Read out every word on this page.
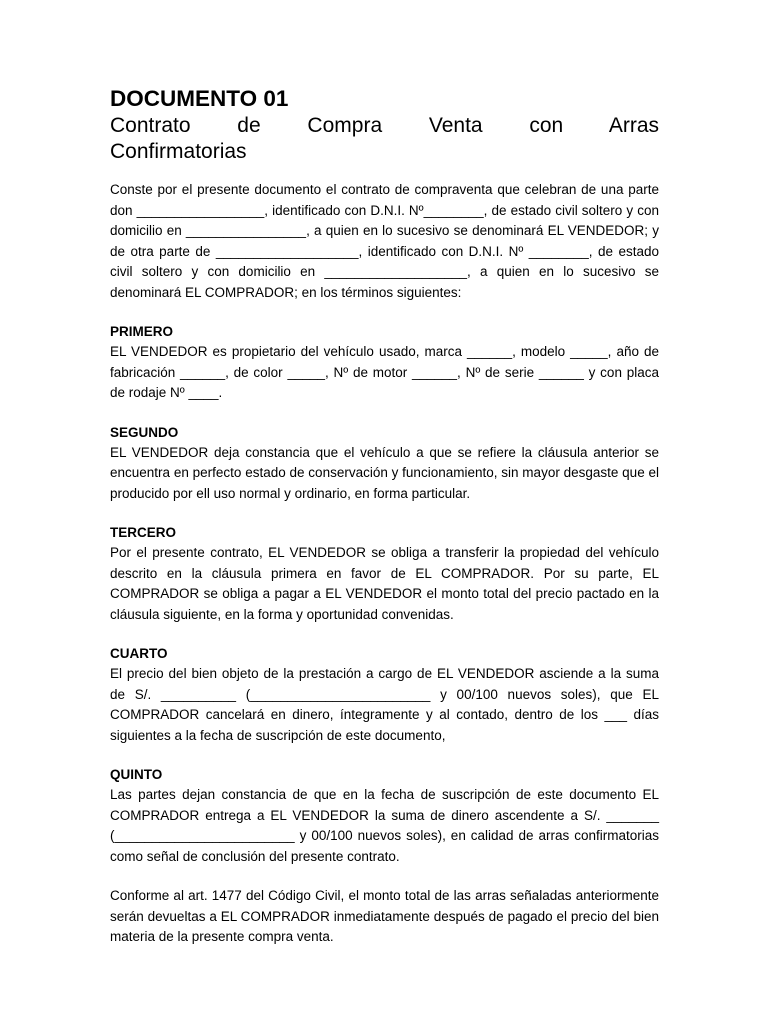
DOCUMENTO 01
Contrato de Compra Venta con Arras
Confirmatorias

Conste por el presente documento el contrato de compraventa que celebran de una parte don _________________, identificado con D.N.I. Nº________, de estado civil soltero y con domicilio en ________________, a quien en lo sucesivo se denominará EL VENDEDOR; y de otra parte de ___________________, identificado con D.N.I. Nº ________, de estado civil soltero y con domicilio en ___________________, a quien en lo sucesivo se denominará EL COMPRADOR; en los términos siguientes:

PRIMERO

EL VENDEDOR es propietario del vehículo usado, marca ______, modelo _____, año de fabricación ______, de color _____, Nº de motor ______, Nº de serie ______ y con placa de rodaje Nº ____.

SEGUNDO

EL VENDEDOR deja constancia que el vehículo a que se refiere la cláusula anterior se encuentra en perfecto estado de conservación y funcionamiento, sin mayor desgaste que el producido por ell uso normal y ordinario, en forma particular.

TERCERO

Por el presente contrato, EL VENDEDOR se obliga a transferir la propiedad del vehículo descrito en la cláusula primera en favor de EL COMPRADOR. Por su parte, EL COMPRADOR se obliga a pagar a EL VENDEDOR el monto total del precio pactado en la cláusula siguiente, en la forma y oportunidad convenidas.

CUARTO

El precio del bien objeto de la prestación a cargo de EL VENDEDOR asciende a la suma de S/. __________ (________________________ y 00/100 nuevos soles), que EL COMPRADOR cancelará en dinero, íntegramente y al contado, dentro de los ___ días siguientes a la fecha de suscripción de este documento,

QUINTO

Las partes dejan constancia de que en la fecha de suscripción de este documento EL COMPRADOR entrega a EL VENDEDOR la suma de dinero ascendente a S/. _______ (________________________ y 00/100 nuevos soles), en calidad de arras confirmatorias como señal de conclusión del presente contrato.

Conforme al art. 1477 del Código Civil, el monto total de las arras señaladas anteriormente serán devueltas a EL COMPRADOR inmediatamente después de pagado el precio del bien materia de la presente compra venta.
